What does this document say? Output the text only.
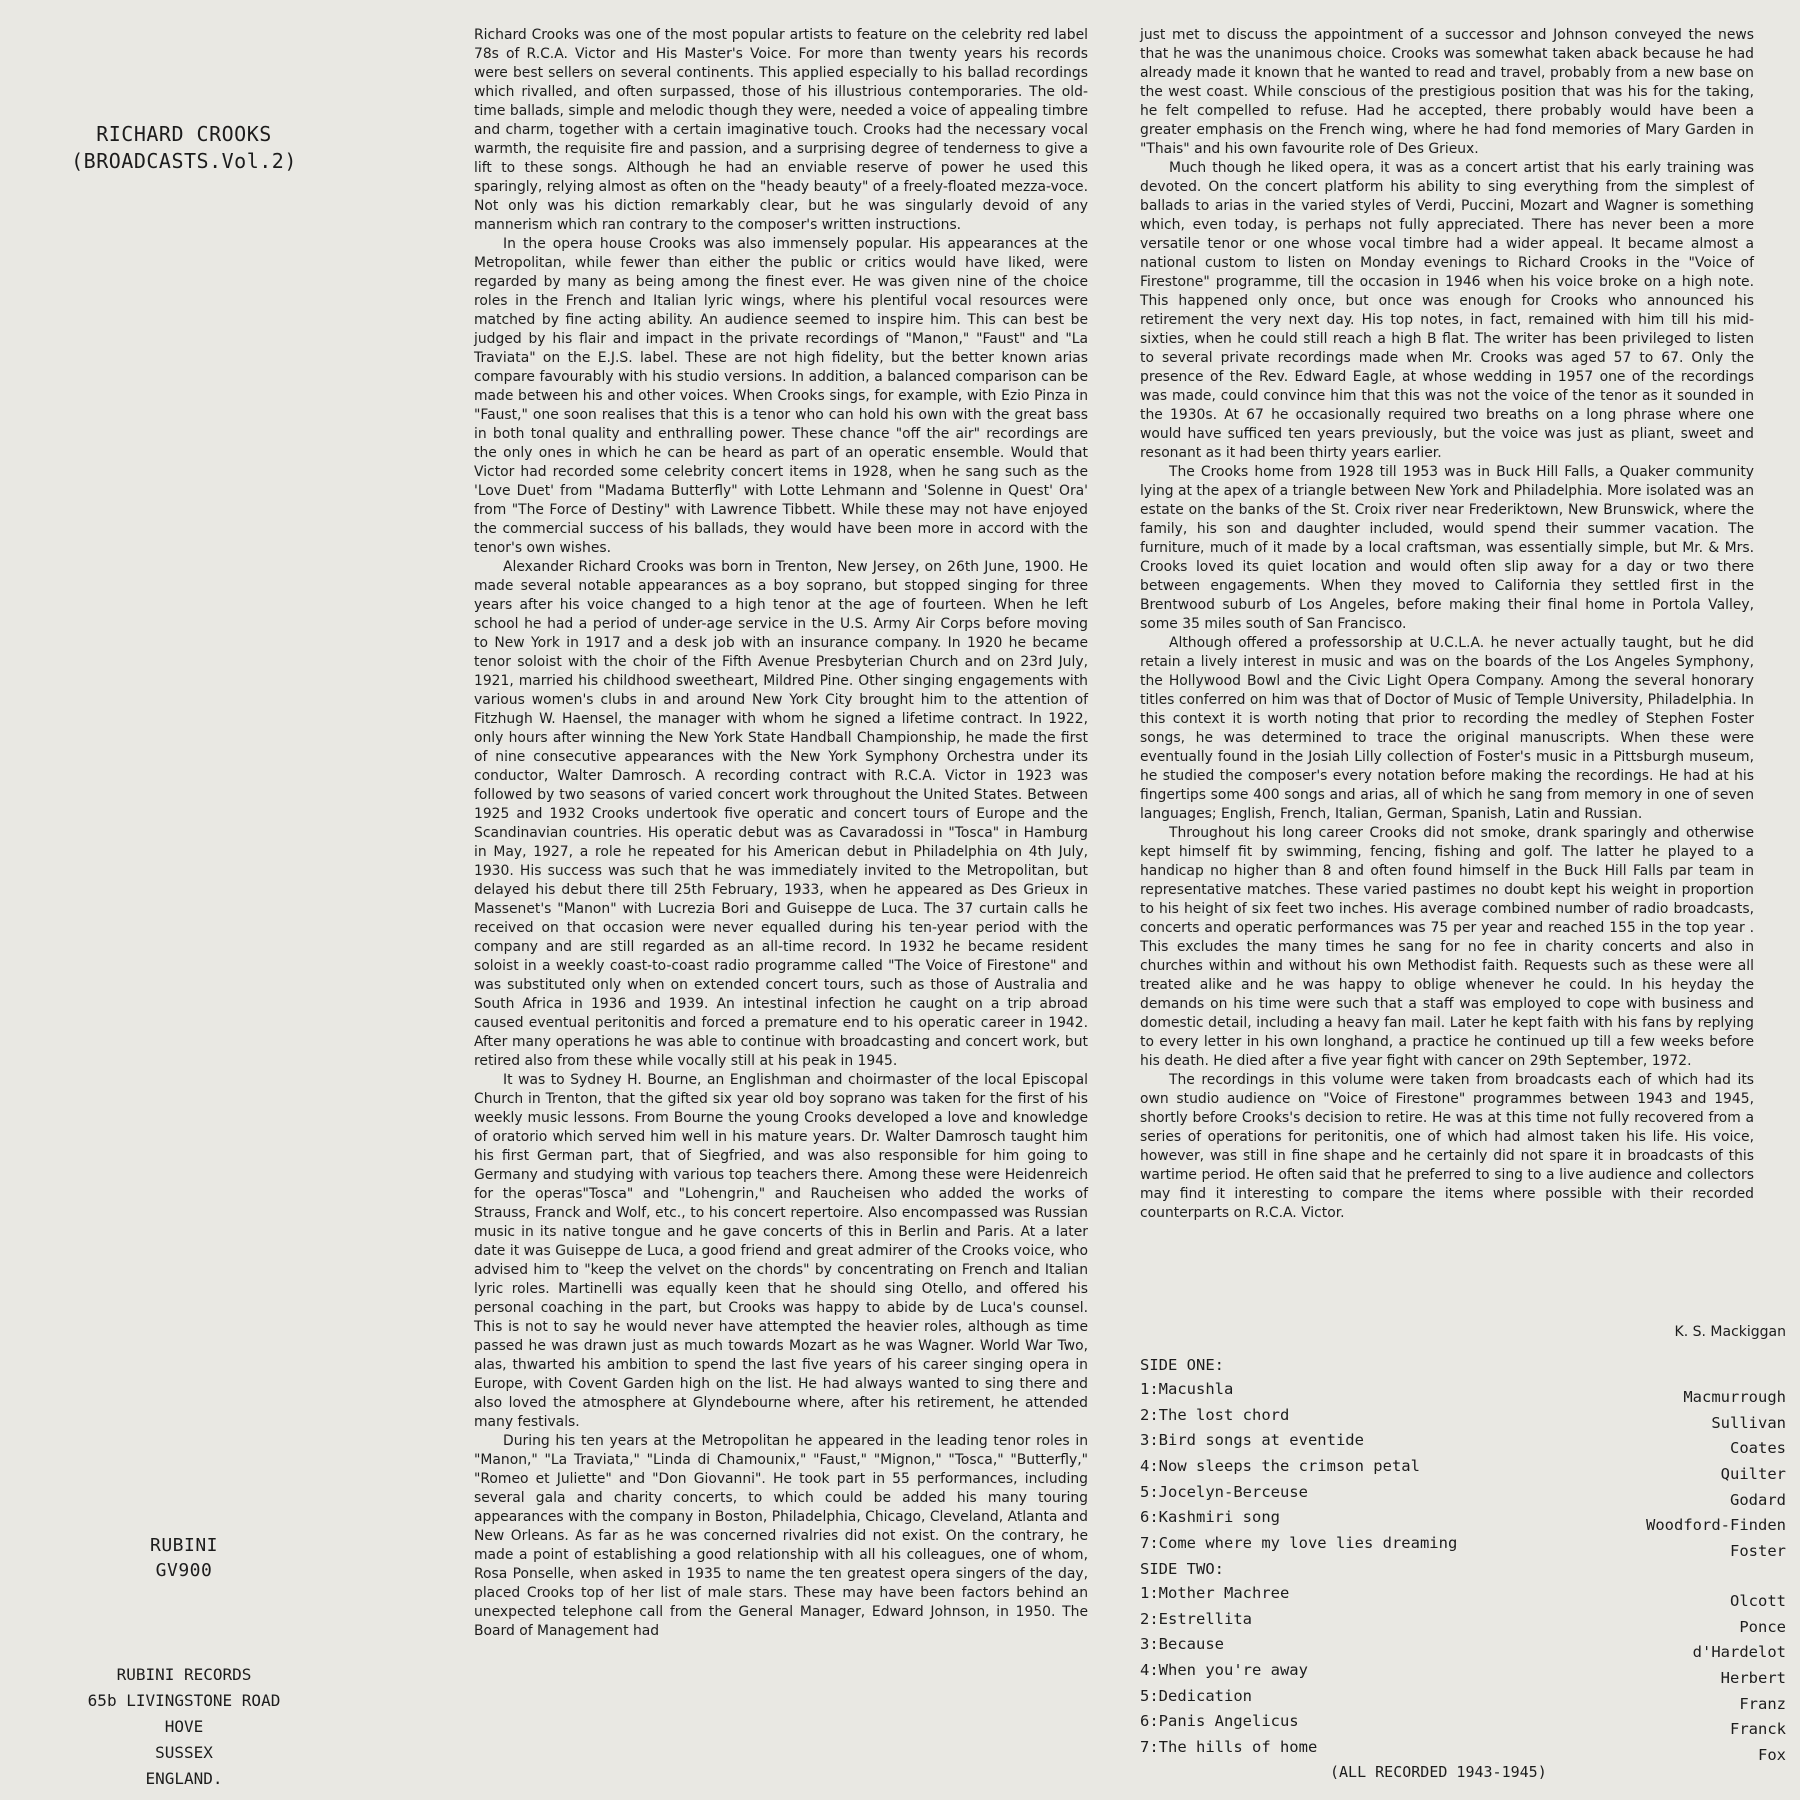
RICHARD CROOKS
(BROADCASTS.Vol.2)
RUBINI
GV900
RUBINI RECORDS
65b LIVINGSTONE ROAD
HOVE
SUSSEX
ENGLAND.

Richard Crooks was one of the most popular artists to feature on the celebrity red label 78s of R.C.A. Victor and His Master's Voice. For more than twenty years his records were best sellers on several continents. This applied especially to his ballad recordings which rivalled, and often surpassed, those of his illustrious contemporaries. The old-time ballads, simple and melodic though they were, needed a voice of appealing timbre and charm, together with a certain imaginative touch. Crooks had the necessary vocal warmth, the requisite fire and passion, and a surprising degree of tenderness to give a lift to these songs. Although he had an enviable reserve of power he used this sparingly, relying almost as often on the "heady beauty" of a freely-floated mezza-voce. Not only was his diction remarkably clear, but he was singularly devoid of any mannerism which ran contrary to the composer's written instructions.

In the opera house Crooks was also immensely popular. His appearances at the Metropolitan, while fewer than either the public or critics would have liked, were regarded by many as being among the finest ever. He was given nine of the choice roles in the French and Italian lyric wings, where his plentiful vocal resources were matched by fine acting ability. An audience seemed to inspire him. This can best be judged by his flair and impact in the private recordings of "Manon," "Faust" and "La Traviata" on the E.J.S. label. These are not high fidelity, but the better known arias compare favourably with his studio versions. In addition, a balanced comparison can be made between his and other voices. When Crooks sings, for example, with Ezio Pinza in "Faust," one soon realises that this is a tenor who can hold his own with the great bass in both tonal quality and enthralling power. These chance "off the air" recordings are the only ones in which he can be heard as part of an operatic ensemble. Would that Victor had recorded some celebrity concert items in 1928, when he sang such as the 'Love Duet' from "Madama Butterfly" with Lotte Lehmann and 'Solenne in Quest' Ora' from "The Force of Destiny" with Lawrence Tibbett. While these may not have enjoyed the commercial success of his ballads, they would have been more in accord with the tenor's own wishes.

Alexander Richard Crooks was born in Trenton, New Jersey, on 26th June, 1900. He made several notable appearances as a boy soprano, but stopped singing for three years after his voice changed to a high tenor at the age of fourteen. When he left school he had a period of under-age service in the U.S. Army Air Corps before moving to New York in 1917 and a desk job with an insurance company. In 1920 he became tenor soloist with the choir of the Fifth Avenue Presbyterian Church and on 23rd July, 1921, married his childhood sweetheart, Mildred Pine. Other singing engagements with various women's clubs in and around New York City brought him to the attention of Fitzhugh W. Haensel, the manager with whom he signed a lifetime contract. In 1922, only hours after winning the New York State Handball Championship, he made the first of nine consecutive appearances with the New York Symphony Orchestra under its conductor, Walter Damrosch. A recording contract with R.C.A. Victor in 1923 was followed by two seasons of varied concert work throughout the United States. Between 1925 and 1932 Crooks undertook five operatic and concert tours of Europe and the Scandinavian countries. His operatic debut was as Cavaradossi in "Tosca" in Hamburg in May, 1927, a role he repeated for his American debut in Philadelphia on 4th July, 1930. His success was such that he was immediately invited to the Metropolitan, but delayed his debut there till 25th February, 1933, when he appeared as Des Grieux in Massenet's "Manon" with Lucrezia Bori and Guiseppe de Luca. The 37 curtain calls he received on that occasion were never equalled during his ten-year period with the company and are still regarded as an all-time record. In 1932 he became resident soloist in a weekly coast-to-coast radio programme called "The Voice of Firestone" and was substituted only when on extended concert tours, such as those of Australia and South Africa in 1936 and 1939. An intestinal infection he caught on a trip abroad caused eventual peritonitis and forced a premature end to his operatic career in 1942. After many operations he was able to continue with broadcasting and concert work, but retired also from these while vocally still at his peak in 1945.

It was to Sydney H. Bourne, an Englishman and choirmaster of the local Episcopal Church in Trenton, that the gifted six year old boy soprano was taken for the first of his weekly music lessons. From Bourne the young Crooks developed a love and knowledge of oratorio which served him well in his mature years. Dr. Walter Damrosch taught him his first German part, that of Siegfried, and was also responsible for him going to Germany and studying with various top teachers there. Among these were Heidenreich for the operas"Tosca" and "Lohengrin," and Raucheisen who added the works of Strauss, Franck and Wolf, etc., to his concert repertoire. Also encompassed was Russian music in its native tongue and he gave concerts of this in Berlin and Paris. At a later date it was Guiseppe de Luca, a good friend and great admirer of the Crooks voice, who advised him to "keep the velvet on the chords" by concentrating on French and Italian lyric roles. Martinelli was equally keen that he should sing Otello, and offered his personal coaching in the part, but Crooks was happy to abide by de Luca's counsel. This is not to say he would never have attempted the heavier roles, although as time passed he was drawn just as much towards Mozart as he was Wagner. World War Two, alas, thwarted his ambition to spend the last five years of his career singing opera in Europe, with Covent Garden high on the list. He had always wanted to sing there and also loved the atmosphere at Glyndebourne where, after his retirement, he attended many festivals.

During his ten years at the Metropolitan he appeared in the leading tenor roles in "Manon," "La Traviata," "Linda di Chamounix," "Faust," "Mignon," "Tosca," "Butterfly," "Romeo et Juliette" and "Don Giovanni". He took part in 55 performances, including several gala and charity concerts, to which could be added his many touring appearances with the company in Boston, Philadelphia, Chicago, Cleveland, Atlanta and New Orleans. As far as he was concerned rivalries did not exist. On the contrary, he made a point of establishing a good relationship with all his colleagues, one of whom, Rosa Ponselle, when asked in 1935 to name the ten greatest opera singers of the day, placed Crooks top of her list of male stars. These may have been factors behind an unexpected telephone call from the General Manager, Edward Johnson, in 1950. The Board of Management had

just met to discuss the appointment of a successor and Johnson conveyed the news that he was the unanimous choice. Crooks was somewhat taken aback because he had already made it known that he wanted to read and travel, probably from a new base on the west coast. While conscious of the prestigious position that was his for the taking, he felt compelled to refuse. Had he accepted, there probably would have been a greater emphasis on the French wing, where he had fond memories of Mary Garden in "Thais" and his own favourite role of Des Grieux.

Much though he liked opera, it was as a concert artist that his early training was devoted. On the concert platform his ability to sing everything from the simplest of ballads to arias in the varied styles of Verdi, Puccini, Mozart and Wagner is something which, even today, is perhaps not fully appreciated. There has never been a more versatile tenor or one whose vocal timbre had a wider appeal. It became almost a national custom to listen on Monday evenings to Richard Crooks in the "Voice of Firestone" programme, till the occasion in 1946 when his voice broke on a high note. This happened only once, but once was enough for Crooks who announced his retirement the very next day. His top notes, in fact, remained with him till his mid-sixties, when he could still reach a high B flat. The writer has been privileged to listen to several private recordings made when Mr. Crooks was aged 57 to 67. Only the presence of the Rev. Edward Eagle, at whose wedding in 1957 one of the recordings was made, could convince him that this was not the voice of the tenor as it sounded in the 1930s. At 67 he occasionally required two breaths on a long phrase where one would have sufficed ten years previously, but the voice was just as pliant, sweet and resonant as it had been thirty years earlier.

The Crooks home from 1928 till 1953 was in Buck Hill Falls, a Quaker community lying at the apex of a triangle between New York and Philadelphia. More isolated was an estate on the banks of the St. Croix river near Frederiktown, New Brunswick, where the family, his son and daughter included, would spend their summer vacation. The furniture, much of it made by a local craftsman, was essentially simple, but Mr. & Mrs. Crooks loved its quiet location and would often slip away for a day or two there between engagements. When they moved to California they settled first in the Brentwood suburb of Los Angeles, before making their final home in Portola Valley, some 35 miles south of San Francisco.

Although offered a professorship at U.C.L.A. he never actually taught, but he did retain a lively interest in music and was on the boards of the Los Angeles Symphony, the Hollywood Bowl and the Civic Light Opera Company. Among the several honorary titles conferred on him was that of Doctor of Music of Temple University, Philadelphia. In this context it is worth noting that prior to recording the medley of Stephen Foster songs, he was determined to trace the original manuscripts. When these were eventually found in the Josiah Lilly collection of Foster's music in a Pittsburgh museum, he studied the composer's every notation before making the recordings. He had at his fingertips some 400 songs and arias, all of which he sang from memory in one of seven languages; English, French, Italian, German, Spanish, Latin and Russian.

Throughout his long career Crooks did not smoke, drank sparingly and otherwise kept himself fit by swimming, fencing, fishing and golf. The latter he played to a handicap no higher than 8 and often found himself in the Buck Hill Falls par team in representative matches. These varied pastimes no doubt kept his weight in proportion to his height of six feet two inches. His average combined number of radio broadcasts, concerts and operatic performances was 75 per year and reached 155 in the top year . This excludes the many times he sang for no fee in charity concerts and also in churches within and without his own Methodist faith. Requests such as these were all treated alike and he was happy to oblige whenever he could. In his heyday the demands on his time were such that a staff was employed to cope with business and domestic detail, including a heavy fan mail. Later he kept faith with his fans by replying to every letter in his own longhand, a practice he continued up till a few weeks before his death. He died after a five year fight with cancer on 29th September, 1972.

The recordings in this volume were taken from broadcasts each of which had its own studio audience on "Voice of Firestone" programmes between 1943 and 1945, shortly before Crooks's decision to retire. He was at this time not fully recovered from a series of operations for peritonitis, one of which had almost taken his life. His voice, however, was still in fine shape and he certainly did not spare it in broadcasts of this wartime period. He often said that he preferred to sing to a live audience and collectors may find it interesting to compare the items where possible with their recorded counterparts on R.C.A. Victor.

K. S. Mackiggan
SIDE ONE:
1:Macushla	Macmurrough
2:The lost chord	Sullivan
3:Bird songs at eventide	Coates
4:Now sleeps the crimson petal	Quilter
5:Jocelyn-Berceuse	Godard
6:Kashmiri song	Woodford-Finden
7:Come where my love lies dreaming	Foster
SIDE TWO:
1:Mother Machree	Olcott
2:Estrellita	Ponce
3:Because	d'Hardelot
4:When you're away	Herbert
5:Dedication	Franz
6:Panis Angelicus	Franck
7:The hills of home	Fox
(ALL RECORDED 1943-1945)
